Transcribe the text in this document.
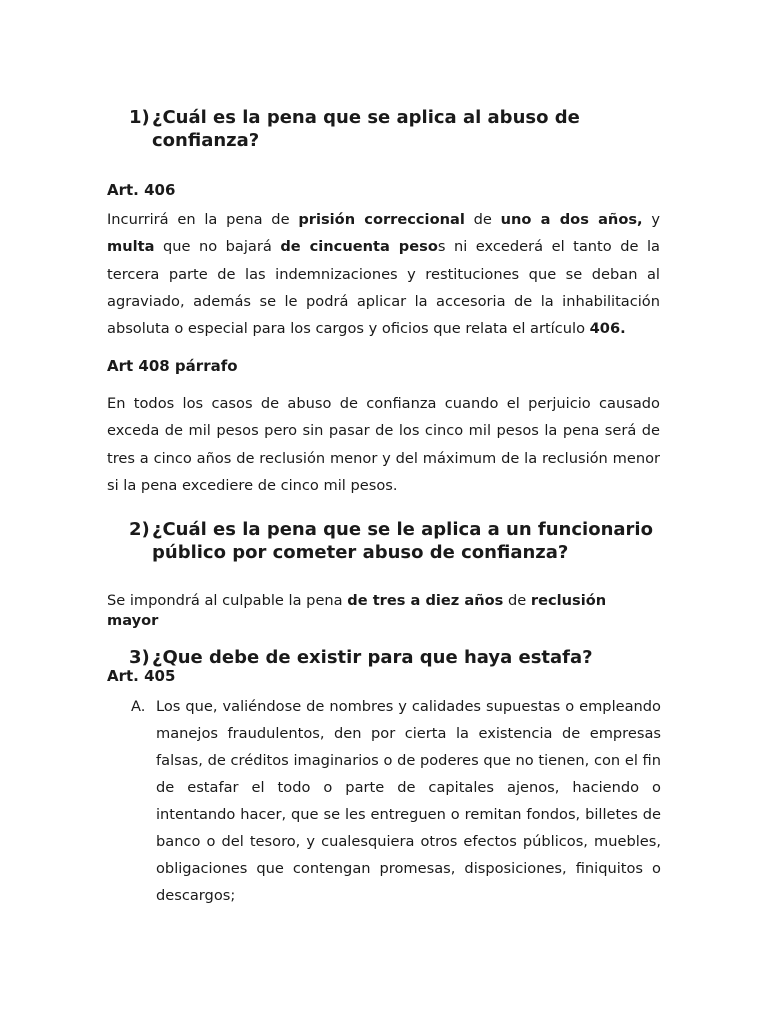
1) ¿Cuál es la pena que se aplica al abuso de confianza?

Art. 406

Incurrirá en la pena de prisión correccional de uno a dos años, y multa que no bajará de cincuenta pesos ni excederá el tanto de la tercera parte de las indemnizaciones y restituciones que se deban al agraviado, además se le podrá aplicar la accesoria de la inhabilitación absoluta o especial para los cargos y oficios que relata el artículo 406.

Art 408 párrafo

En todos los casos de abuso de confianza cuando el perjuicio causado exceda de mil pesos pero sin pasar de los cinco mil pesos la pena será de tres a cinco años de reclusión menor y del máximum de la reclusión menor si la pena excediere de cinco mil pesos.

2) ¿Cuál es la pena que se le aplica a un funcionario público por cometer abuso de confianza?

Se impondrá al culpable la pena de tres a diez años de reclusión mayor

3) ¿Que debe de existir para que haya estafa?

Art. 405

A. Los que, valiéndose de nombres y calidades supuestas o empleando manejos fraudulentos, den por cierta la existencia de empresas falsas, de créditos imaginarios o de poderes que no tienen, con el fin de estafar el todo o parte de capitales ajenos, haciendo o intentando hacer, que se les entreguen o remitan fondos, billetes de banco o del tesoro, y cualesquiera otros efectos públicos, muebles, obligaciones que contengan promesas, disposiciones, finiquitos o descargos;
